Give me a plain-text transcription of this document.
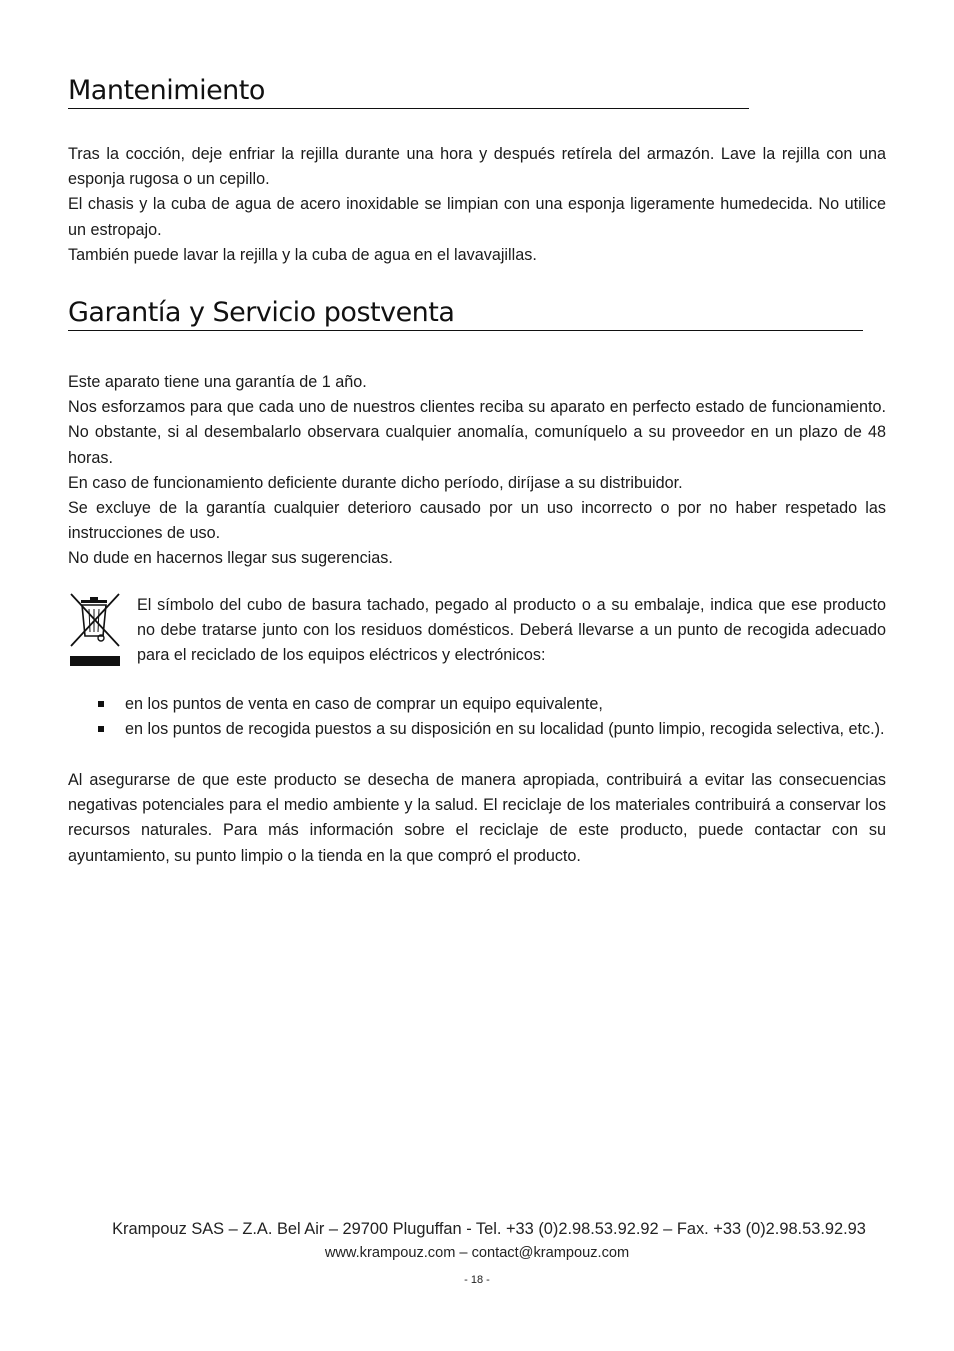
Mantenimiento

Tras la cocción, deje enfriar la rejilla durante una hora y después retírela del armazón. Lave la rejilla con una esponja rugosa o un cepillo.

El chasis y la cuba de agua de acero inoxidable se limpian con una esponja ligeramente humedecida. No utilice un estropajo.

También puede lavar la rejilla y la cuba de agua en el lavavajillas.

Garantía y Servicio postventa

Este aparato tiene una garantía de 1 año.

Nos esforzamos para que cada uno de nuestros clientes reciba su aparato en perfecto estado de funcionamiento. No obstante, si al desembalarlo observara cualquier anomalía, comuníquelo a su proveedor en un plazo de 48 horas.

En caso de funcionamiento deficiente durante dicho período, diríjase a su distribuidor.

Se excluye de la garantía cualquier deterioro causado por un uso incorrecto o por no haber respetado las instrucciones de uso.

No dude en hacernos llegar sus sugerencias.

El símbolo del cubo de basura tachado, pegado al producto o a su embalaje, indica que ese producto no debe tratarse junto con los residuos domésticos. Deberá llevarse a un punto de recogida adecuado para el reciclado de los equipos eléctricos y electrónicos:

en los puntos de venta en caso de comprar un equipo equivalente,
en los puntos de recogida puestos a su disposición en su localidad (punto limpio, recogida selectiva, etc.).

Al asegurarse de que este producto se desecha de manera apropiada, contribuirá a evitar las consecuencias negativas potenciales para el medio ambiente y la salud. El reciclaje de los materiales contribuirá a conservar los recursos naturales. Para más información sobre el reciclaje de este producto, puede contactar con su ayuntamiento, su punto limpio o la tienda en la que compró el producto.

Krampouz SAS – Z.A. Bel Air – 29700 Pluguffan - Tel. +33 (0)2.98.53.92.92 – Fax. +33 (0)2.98.53.92.93
www.krampouz.com – contact@krampouz.com
- 18 -
